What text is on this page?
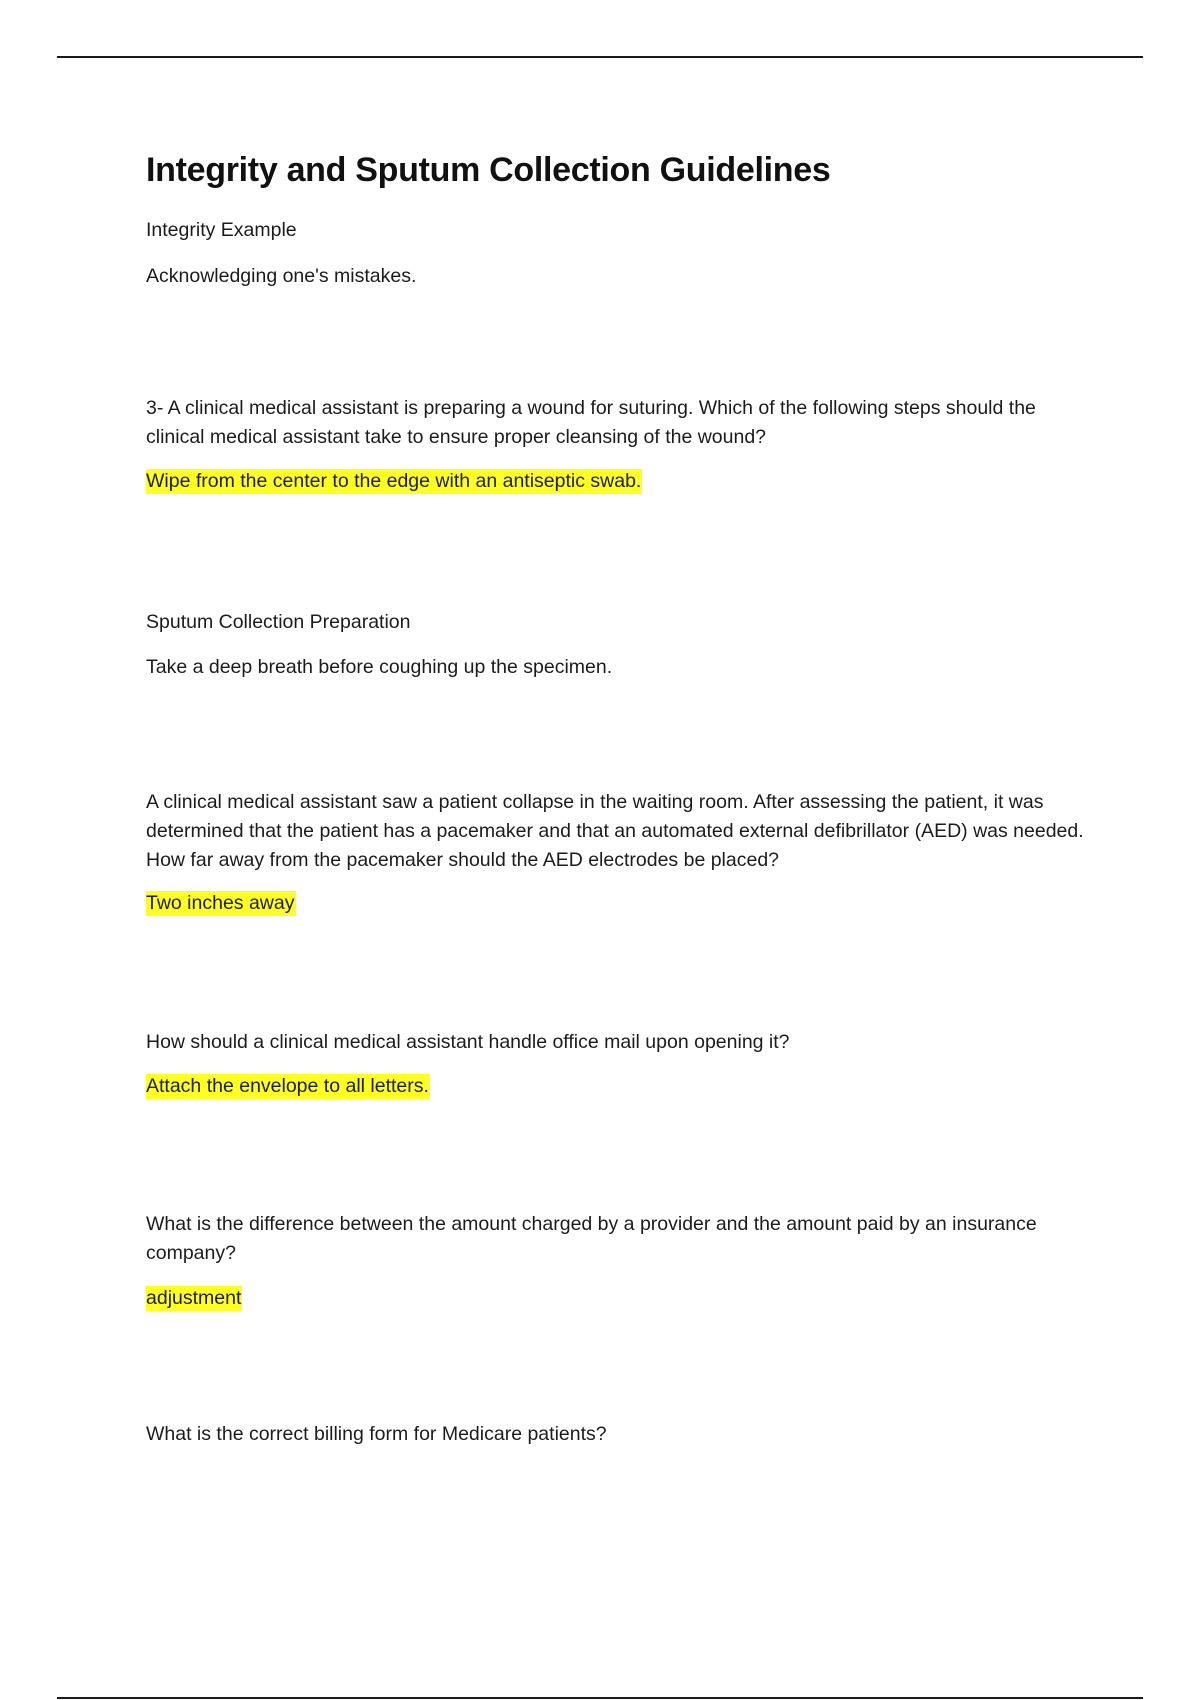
Integrity and Sputum Collection Guidelines

Integrity Example

Acknowledging one's mistakes.

3- A clinical medical assistant is preparing a wound for suturing. Which of the following steps should the clinical medical assistant take to ensure proper cleansing of the wound?

Wipe from the center to the edge with an antiseptic swab.

Sputum Collection Preparation

Take a deep breath before coughing up the specimen.

A clinical medical assistant saw a patient collapse in the waiting room. After assessing the patient, it was determined that the patient has a pacemaker and that an automated external defibrillator (AED) was needed. How far away from the pacemaker should the AED electrodes be placed?

Two inches away

How should a clinical medical assistant handle office mail upon opening it?

Attach the envelope to all letters.

What is the difference between the amount charged by a provider and the amount paid by an insurance company?

adjustment

What is the correct billing form for Medicare patients?
